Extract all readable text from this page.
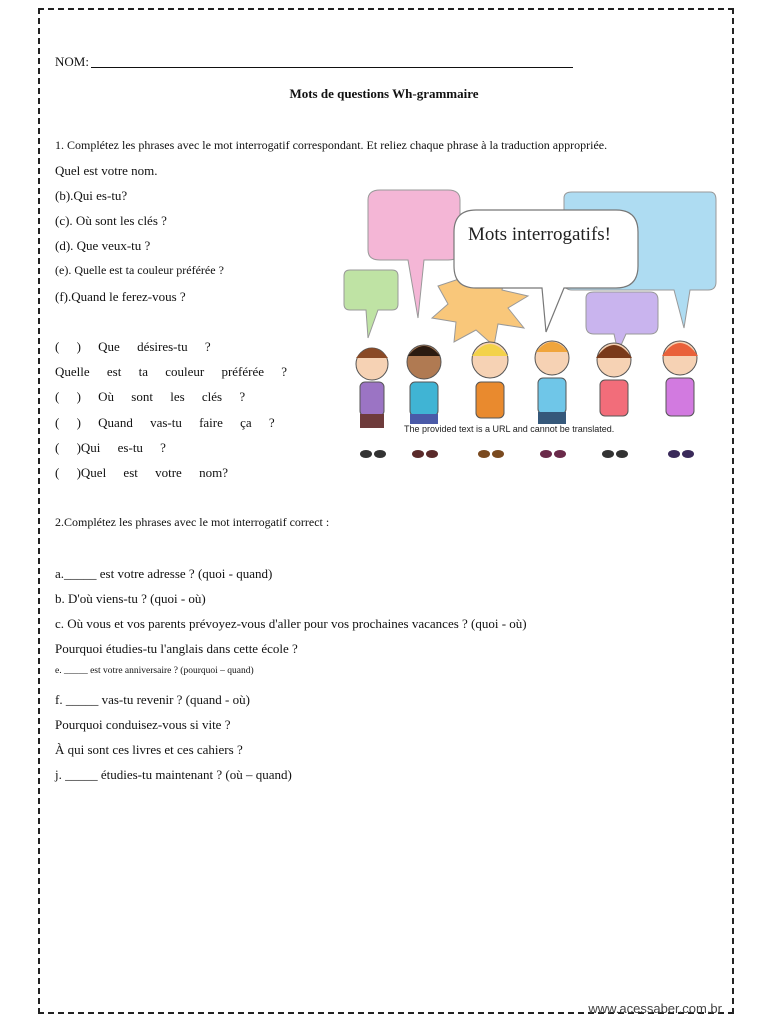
NOM:
Mots de questions Wh-grammaire
1. Complétez les phrases avec le mot interrogatif correspondant. Et reliez chaque phrase à la traduction appropriée.
Quel est votre nom.
(b).Qui es-tu?
(c). Où sont les clés ?
(d). Que veux-tu ?
(e). Quelle est ta couleur préférée ?
(f).Quand le ferez-vous ?
( ) Que désires-tu ?
Quelle est ta couleur préférée ?
( ) Où sont les clés ?
( ) Quand vas-tu faire ça ?
( )Qui es-tu ?
( )Quel est votre nom?
Mots interrogatifs!
The provided text is a URL and cannot be translated.
2.Complétez les phrases avec le mot interrogatif correct :
a._____ est votre adresse ? (quoi - quand)
b. D'où viens-tu ? (quoi - où)
c. Où vous et vos parents prévoyez-vous d'aller pour vos prochaines vacances ? (quoi - où)
Pourquoi étudies-tu l'anglais dans cette école ?
e. _____ est votre anniversaire ? (pourquoi – quand)
f. _____ vas-tu revenir ? (quand - où)
Pourquoi conduisez-vous si vite ?
À qui sont ces livres et ces cahiers ?
j. _____ étudies-tu maintenant ? (où – quand)
www.acessaber.com.br
